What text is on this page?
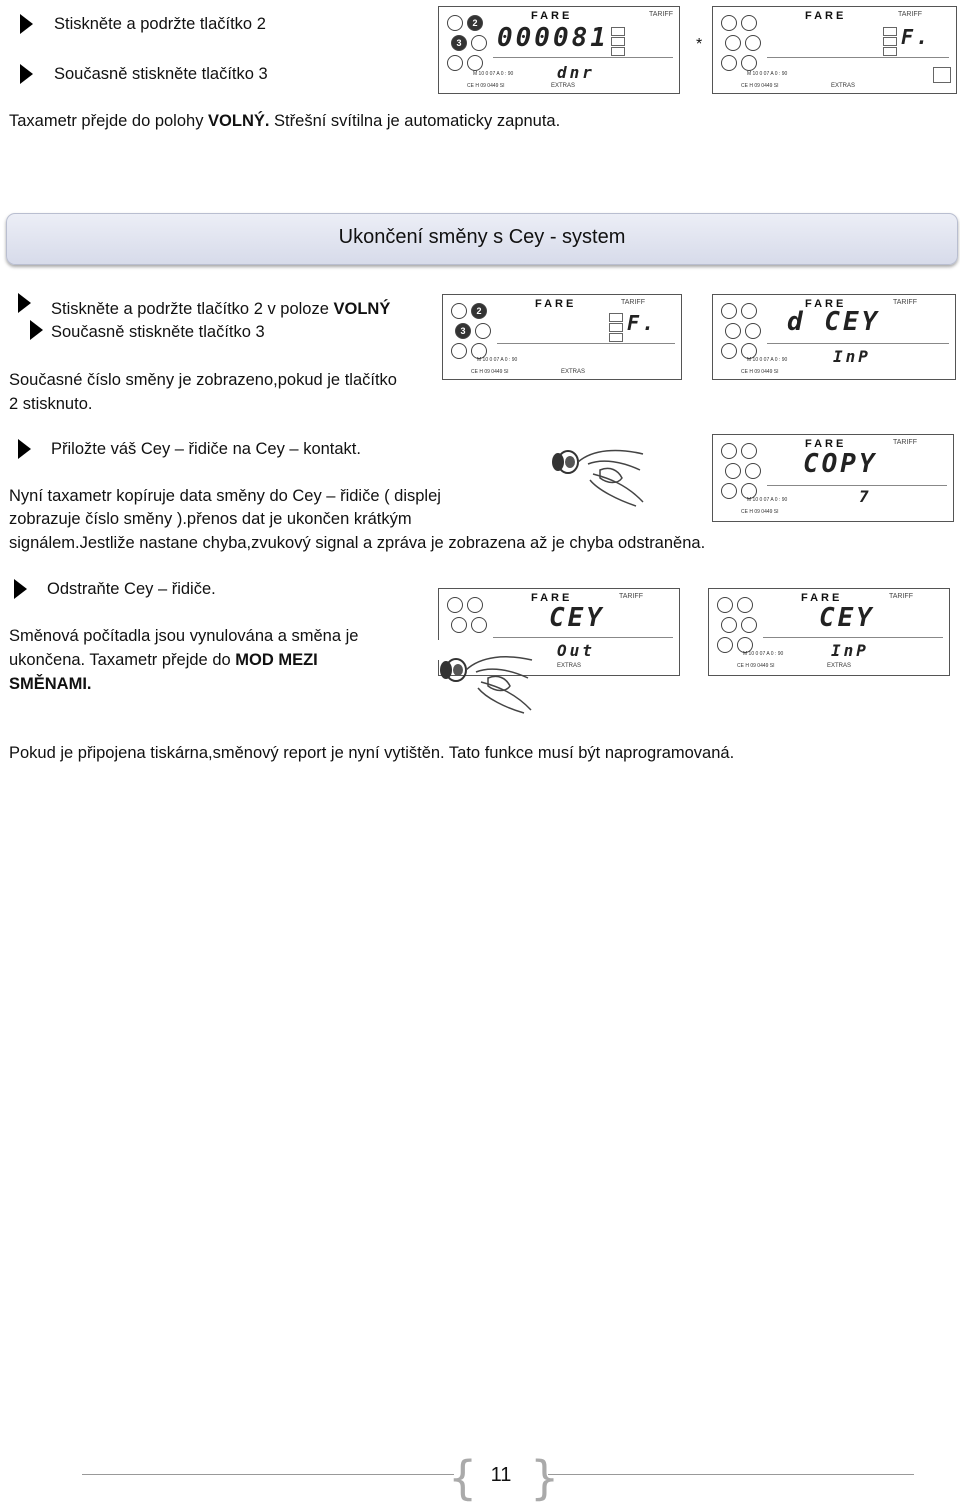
Stiskněte a podržte tlačítko 2
Současně stiskněte tlačítko 3
Taxametr přejde do polohy VOLNÝ. Střešní svítilna je automaticky zapnuta.
2
3
FARE	TARIFF
000081
dnr
M 10 0 07 A 0 : 90
CE H 09 0449 SI	EXTRAS
*
FARE	TARIFF
F.
M 10 0 07 A 0 : 90
CE H 09 0449 SI	EXTRAS
Ukončení směny s Cey - system
Stiskněte a podržte tlačítko 2 v poloze VOLNÝ
Současně stiskněte tlačítko 3
Současné číslo směny je zobrazeno,pokud je tlačítko
2 stisknuto.
2
3
FARE	TARIFF
F.
M 10 0 07 A 0 : 90
CE H 09 0449 SI	EXTRAS
FARE	TARIFF
d CEY
InP
M 10 0 07 A 0 : 90
CE H 09 0449 SI
Přiložte váš Cey – řidiče na Cey – kontakt.	FARE	TARIFF
COPY
7
M 10 0 07 A 0 : 90
CE H 09 0449 SI
Nyní taxametr kopíruje data směny do Cey – řidiče ( displej
zobrazuje číslo směny ).přenos dat je ukončen krátkým
signálem.Jestliže nastane chyba,zvukový signal a zpráva je zobrazena až je chyba odstraněna.
Odstraňte Cey – řidiče.
Směnová počítadla jsou vynulována a směna je
ukončena. Taxametr přejde do MOD MEZI
SMĚNAMI.
FARE	TARIFF
CEY
Out
EXTRAS
FARE	TARIFF
CEY
InP
M 10 0 07 A 0 : 90
CE H 09 0449 SI	EXTRAS
Pokud je připojena tiskárna,směnový report je nyní vytištěn. Tato funkce musí být naprogramovaná.
{ }
11
